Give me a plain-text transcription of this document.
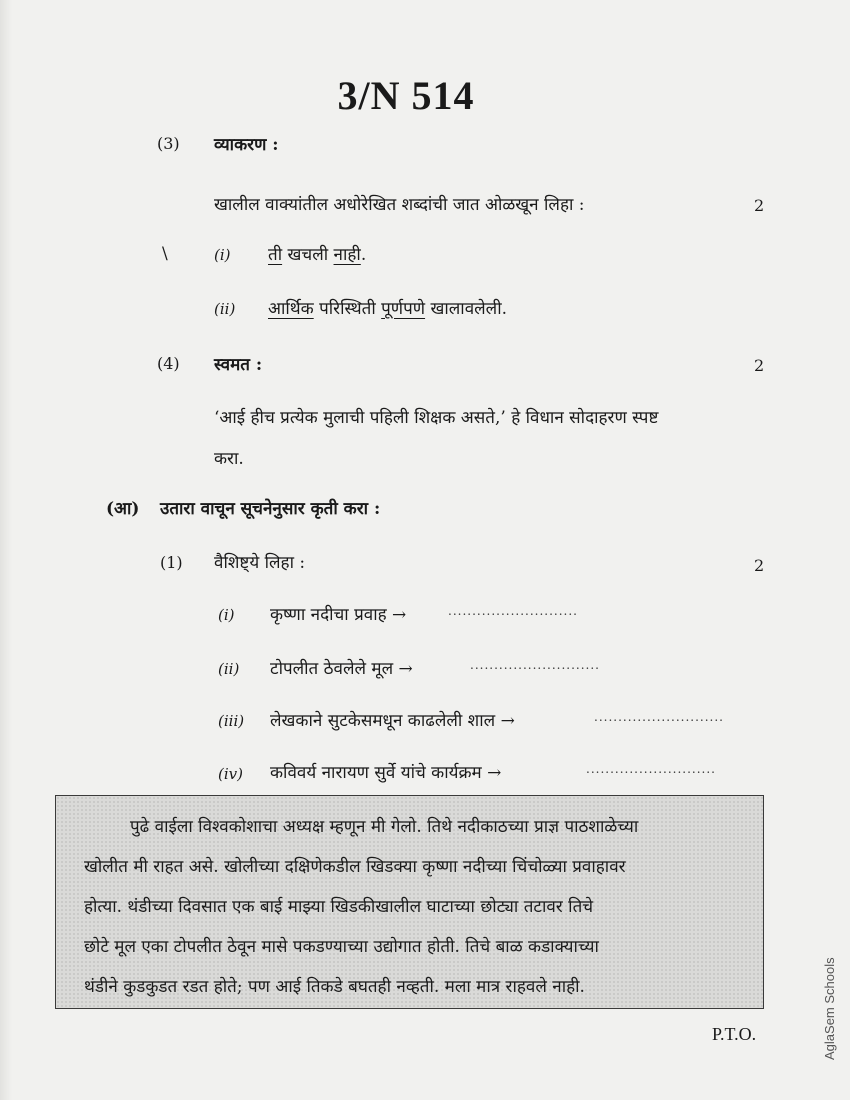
3/N 514
(3) व्याकरण :
खालील वाक्यांतील अधोरेखित शब्दांची जात ओळखून लिहा :	2
\	(i) ती खचली नाही.
(ii) आर्थिक परिस्थिती पूर्णपणे खालावलेली.
(4) स्वमत :	2
‘आई हीच प्रत्येक मुलाची पहिली शिक्षक असते,’ हे विधान सोदाहरण स्पष्ट
करा.
(आ) उतारा वाचून सूचनेनुसार कृती करा :
(1) वैशिष्ट्ये लिहा :	2
(i) कृष्णा नदीचा प्रवाह →	...........................
(ii) टोपलीत ठेवलेले मूल →	...........................
(iii) लेखकाने सुटकेसमधून काढलेली शाल →	...........................
(iv) कविवर्य नारायण सुर्वे यांचे कार्यक्रम →	...........................
पुढे वाईला विश्वकोशाचा अध्यक्ष म्हणून मी गेलो. तिथे नदीकाठच्या प्राज्ञ पाठशाळेच्या
खोलीत मी राहत असे. खोलीच्या दक्षिणेकडील खिडक्या कृष्णा नदीच्या चिंचोळ्या प्रवाहावर
होत्या. थंडीच्या दिवसात एक बाई माझ्या खिडकीखालील घाटाच्या छोट्या तटावर तिचे
छोटे मूल एका टोपलीत ठेवून मासे पकडण्याच्या उद्योगात होती. तिचे बाळ कडाक्याच्या
थंडीने कुडकुडत रडत होते; पण आई तिकडे बघतही नव्हती. मला मात्र राहवले नाही.
P.T.O.	AglaSem Schools
